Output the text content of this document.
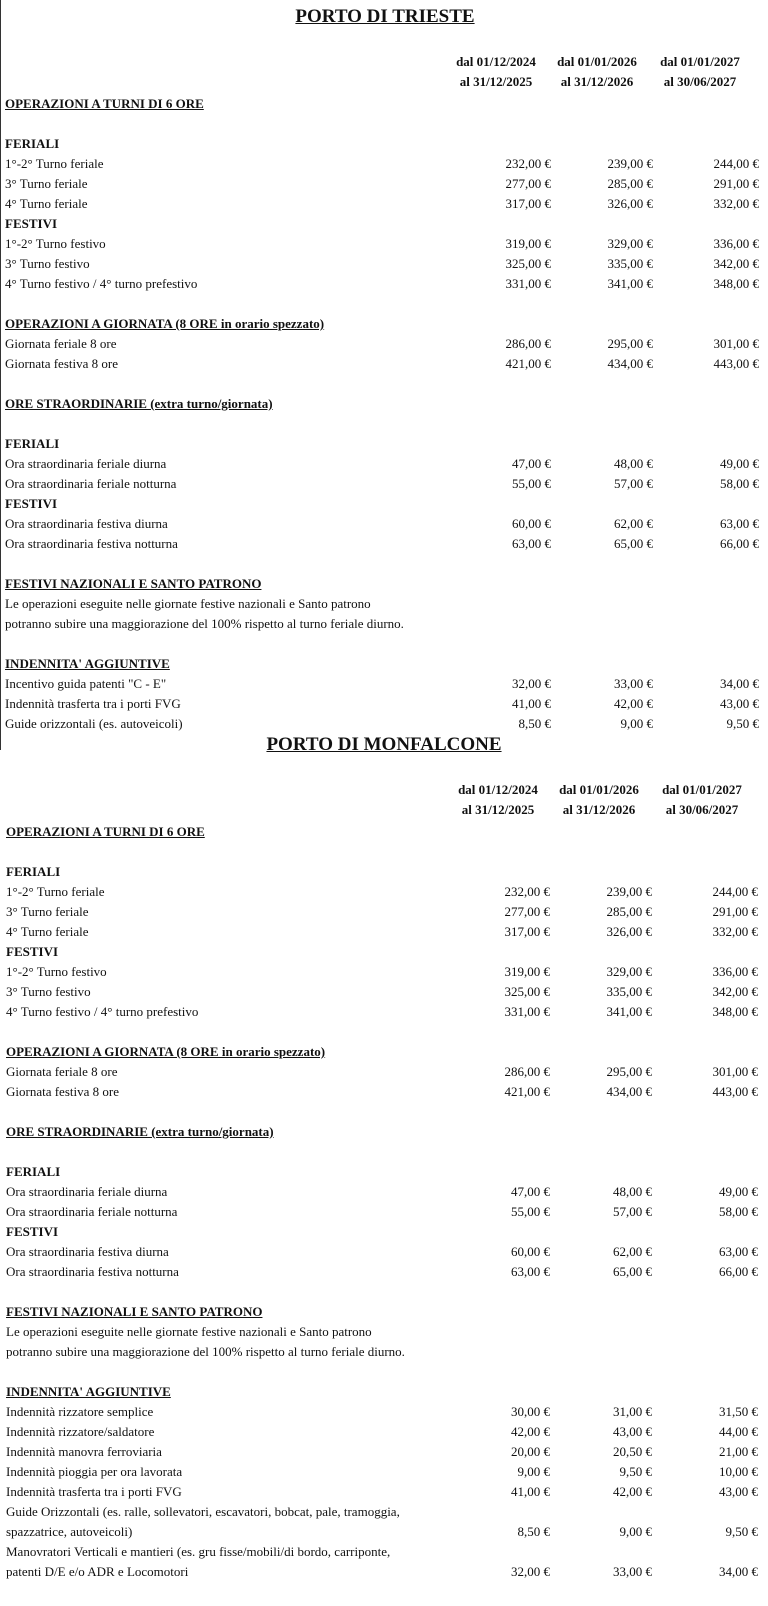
PORTO DI TRIESTE
dal 01/12/2024
al 31/12/2025
dal 01/01/2026
al 31/12/2026
dal 01/01/2027
al 30/06/2027
OPERAZIONI A TURNI DI 6 ORE
FERIALI
1°-2° Turno feriale	232,00 €	239,00 €	244,00 €
3° Turno feriale	277,00 €	285,00 €	291,00 €
4° Turno feriale	317,00 €	326,00 €	332,00 €
FESTIVI
1°-2° Turno festivo	319,00 €	329,00 €	336,00 €
3° Turno festivo	325,00 €	335,00 €	342,00 €
4° Turno festivo / 4° turno prefestivo	331,00 €	341,00 €	348,00 €
OPERAZIONI A GIORNATA (8 ORE in orario spezzato)
Giornata feriale 8 ore	286,00 €	295,00 €	301,00 €
Giornata festiva 8 ore	421,00 €	434,00 €	443,00 €
ORE STRAORDINARIE (extra turno/giornata)
FERIALI
Ora straordinaria feriale diurna	47,00 €	48,00 €	49,00 €
Ora straordinaria feriale notturna	55,00 €	57,00 €	58,00 €
FESTIVI
Ora straordinaria festiva diurna	60,00 €	62,00 €	63,00 €
Ora straordinaria festiva notturna	63,00 €	65,00 €	66,00 €
FESTIVI NAZIONALI E SANTO PATRONO
Le operazioni eseguite nelle giornate festive nazionali e Santo patrono
potranno subire una maggiorazione del 100% rispetto al turno feriale diurno.
INDENNITA' AGGIUNTIVE
Incentivo guida patenti "C - E"	32,00 €	33,00 €	34,00 €
Indennità trasferta tra i porti FVG	41,00 €	42,00 €	43,00 €
Guide orizzontali (es. autoveicoli)	8,50 €	9,00 €	9,50 €
PORTO DI MONFALCONE
dal 01/12/2024
al 31/12/2025
dal 01/01/2026
al 31/12/2026
dal 01/01/2027
al 30/06/2027
OPERAZIONI A TURNI DI 6 ORE
FERIALI
1°-2° Turno feriale	232,00 €	239,00 €	244,00 €
3° Turno feriale	277,00 €	285,00 €	291,00 €
4° Turno feriale	317,00 €	326,00 €	332,00 €
FESTIVI
1°-2° Turno festivo	319,00 €	329,00 €	336,00 €
3° Turno festivo	325,00 €	335,00 €	342,00 €
4° Turno festivo / 4° turno prefestivo	331,00 €	341,00 €	348,00 €
OPERAZIONI A GIORNATA (8 ORE in orario spezzato)
Giornata feriale 8 ore	286,00 €	295,00 €	301,00 €
Giornata festiva 8 ore	421,00 €	434,00 €	443,00 €
ORE STRAORDINARIE (extra turno/giornata)
FERIALI
Ora straordinaria feriale diurna	47,00 €	48,00 €	49,00 €
Ora straordinaria feriale notturna	55,00 €	57,00 €	58,00 €
FESTIVI
Ora straordinaria festiva diurna	60,00 €	62,00 €	63,00 €
Ora straordinaria festiva notturna	63,00 €	65,00 €	66,00 €
FESTIVI NAZIONALI E SANTO PATRONO
Le operazioni eseguite nelle giornate festive nazionali e Santo patrono
potranno subire una maggiorazione del 100% rispetto al turno feriale diurno.
INDENNITA' AGGIUNTIVE
Indennità rizzatore semplice	30,00 €	31,00 €	31,50 €
Indennità rizzatore/saldatore	42,00 €	43,00 €	44,00 €
Indennità manovra ferroviaria	20,00 €	20,50 €	21,00 €
Indennità pioggia per ora lavorata	9,00 €	9,50 €	10,00 €
Indennità trasferta tra i porti FVG	41,00 €	42,00 €	43,00 €
Guide Orizzontali (es. ralle, sollevatori, escavatori, bobcat, pale, tramoggia,
spazzatrice, autoveicoli)	8,50 €	9,00 €	9,50 €
Manovratori Verticali e mantieri (es. gru fisse/mobili/di bordo, carriponte,
patenti D/E e/o ADR e Locomotori	32,00 €	33,00 €	34,00 €
